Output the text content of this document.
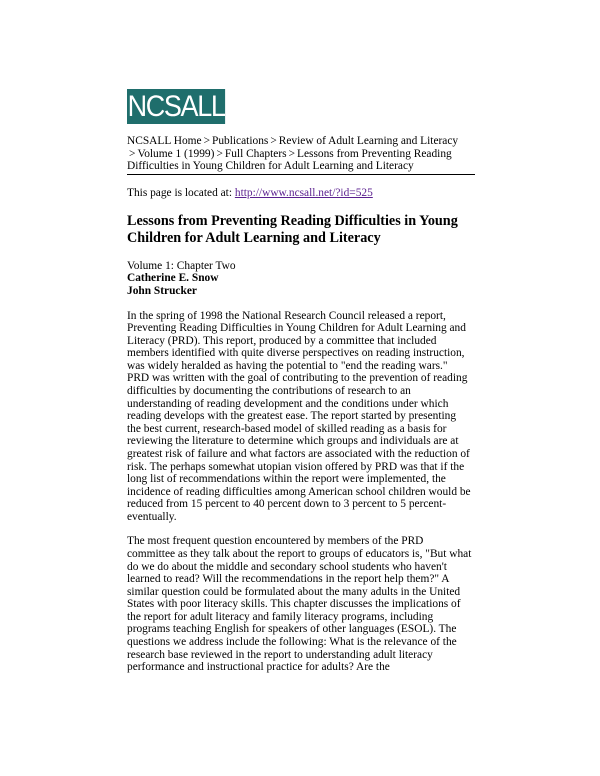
NCSALL
NCSALL Home > Publications > Review of Adult Learning and Literacy > Volume 1 (1999) > Full Chapters > Lessons from Preventing Reading Difficulties in Young Children for Adult Learning and Literacy
This page is located at: http://www.ncsall.net/?id=525
Lessons from Preventing Reading Difficulties in Young Children for Adult Learning and Literacy
Volume 1: Chapter Two
Catherine E. Snow
John Strucker
In the spring of 1998 the National Research Council released a report, Preventing Reading Difficulties in Young Children for Adult Learning and Literacy (PRD). This report, produced by a committee that included members identified with quite diverse perspectives on reading instruction, was widely heralded as having the potential to "end the reading wars." PRD was written with the goal of contributing to the prevention of reading difficulties by documenting the contributions of research to an understanding of reading development and the conditions under which reading develops with the greatest ease. The report started by presenting the best current, research-based model of skilled reading as a basis for reviewing the literature to determine which groups and individuals are at greatest risk of failure and what factors are associated with the reduction of risk. The perhaps somewhat utopian vision offered by PRD was that if the long list of recommendations within the report were implemented, the incidence of reading difficulties among American school children would be reduced from 15 percent to 40 percent down to 3 percent to 5 percent-eventually.
The most frequent question encountered by members of the PRD committee as they talk about the report to groups of educators is, "But what do we do about the middle and secondary school students who haven't learned to read? Will the recommendations in the report help them?" A similar question could be formulated about the many adults in the United States with poor literacy skills. This chapter discusses the implications of the report for adult literacy and family literacy programs, including programs teaching English for speakers of other languages (ESOL). The questions we address include the following: What is the relevance of the research base reviewed in the report to understanding adult literacy performance and instructional practice for adults? Are the
